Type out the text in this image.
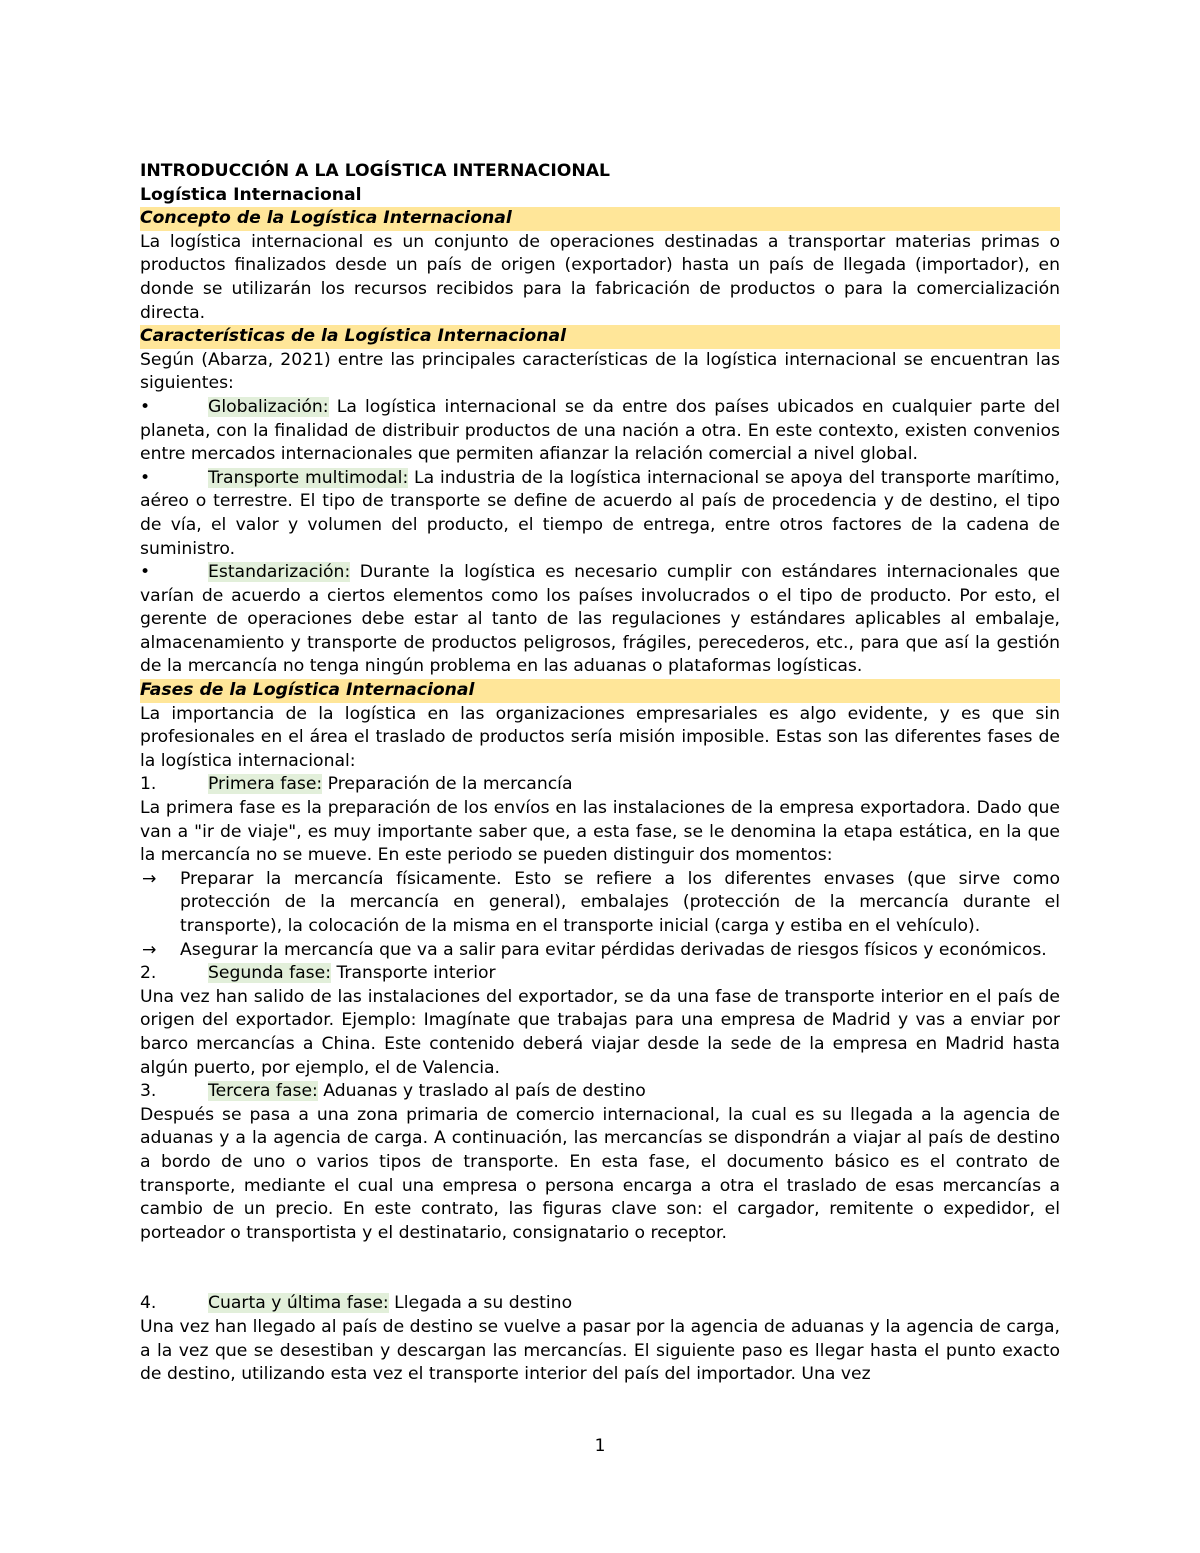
INTRODUCCIÓN A LA LOGÍSTICA INTERNACIONAL

Logística Internacional

Concepto de la Logística Internacional

La logística internacional es un conjunto de operaciones destinadas a transportar materias primas o productos finalizados desde un país de origen (exportador) hasta un país de llegada (importador), en donde se utilizarán los recursos recibidos para la fabricación de productos o para la comercialización directa.

Características de la Logística Internacional

Según (Abarza, 2021) entre las principales características de la logística internacional se encuentran las siguientes:

•	Globalización: La logística internacional se da entre dos países ubicados en cualquier parte del planeta, con la finalidad de distribuir productos de una nación a otra. En este contexto, existen convenios entre mercados internacionales que permiten afianzar la relación comercial a nivel global.

•	Transporte multimodal: La industria de la logística internacional se apoya del transporte marítimo, aéreo o terrestre. El tipo de transporte se define de acuerdo al país de procedencia y de destino, el tipo de vía, el valor y volumen del producto, el tiempo de entrega, entre otros factores de la cadena de suministro.

•	Estandarización: Durante la logística es necesario cumplir con estándares internacionales que varían de acuerdo a ciertos elementos como los países involucrados o el tipo de producto. Por esto, el gerente de operaciones debe estar al tanto de las regulaciones y estándares aplicables al embalaje, almacenamiento y transporte de productos peligrosos, frágiles, perecederos, etc., para que así la gestión de la mercancía no tenga ningún problema en las aduanas o plataformas logísticas.

Fases de la Logística Internacional

La importancia de la logística en las organizaciones empresariales es algo evidente, y es que sin profesionales en el área el traslado de productos sería misión imposible. Estas son las diferentes fases de la logística internacional:

1.	Primera fase: Preparación de la mercancía

La primera fase es la preparación de los envíos en las instalaciones de la empresa exportadora. Dado que van a "ir de viaje", es muy importante saber que, a esta fase, se le denomina la etapa estática, en la que la mercancía no se mueve. En este periodo se pueden distinguir dos momentos:

→ Preparar la mercancía físicamente. Esto se refiere a los diferentes envases (que sirve como protección de la mercancía en general), embalajes (protección de la mercancía durante el transporte), la colocación de la misma en el transporte inicial (carga y estiba en el vehículo).

→ Asegurar la mercancía que va a salir para evitar pérdidas derivadas de riesgos físicos y económicos.

2.	Segunda fase: Transporte interior

Una vez han salido de las instalaciones del exportador, se da una fase de transporte interior en el país de origen del exportador. Ejemplo: Imagínate que trabajas para una empresa de Madrid y vas a enviar por barco mercancías a China. Este contenido deberá viajar desde la sede de la empresa en Madrid hasta algún puerto, por ejemplo, el de Valencia.

3.	Tercera fase: Aduanas y traslado al país de destino

Después se pasa a una zona primaria de comercio internacional, la cual es su llegada a la agencia de aduanas y a la agencia de carga. A continuación, las mercancías se dispondrán a viajar al país de destino a bordo de uno o varios tipos de transporte. En esta fase, el documento básico es el contrato de transporte, mediante el cual una empresa o persona encarga a otra el traslado de esas mercancías a cambio de un precio. En este contrato, las figuras clave son: el cargador, remitente o expedidor, el porteador o transportista y el destinatario, consignatario o receptor.

4.	Cuarta y última fase: Llegada a su destino

Una vez han llegado al país de destino se vuelve a pasar por la agencia de aduanas y la agencia de carga, a la vez que se desestiban y descargan las mercancías. El siguiente paso es llegar hasta el punto exacto de destino, utilizando esta vez el transporte interior del país del importador. Una vez

1
